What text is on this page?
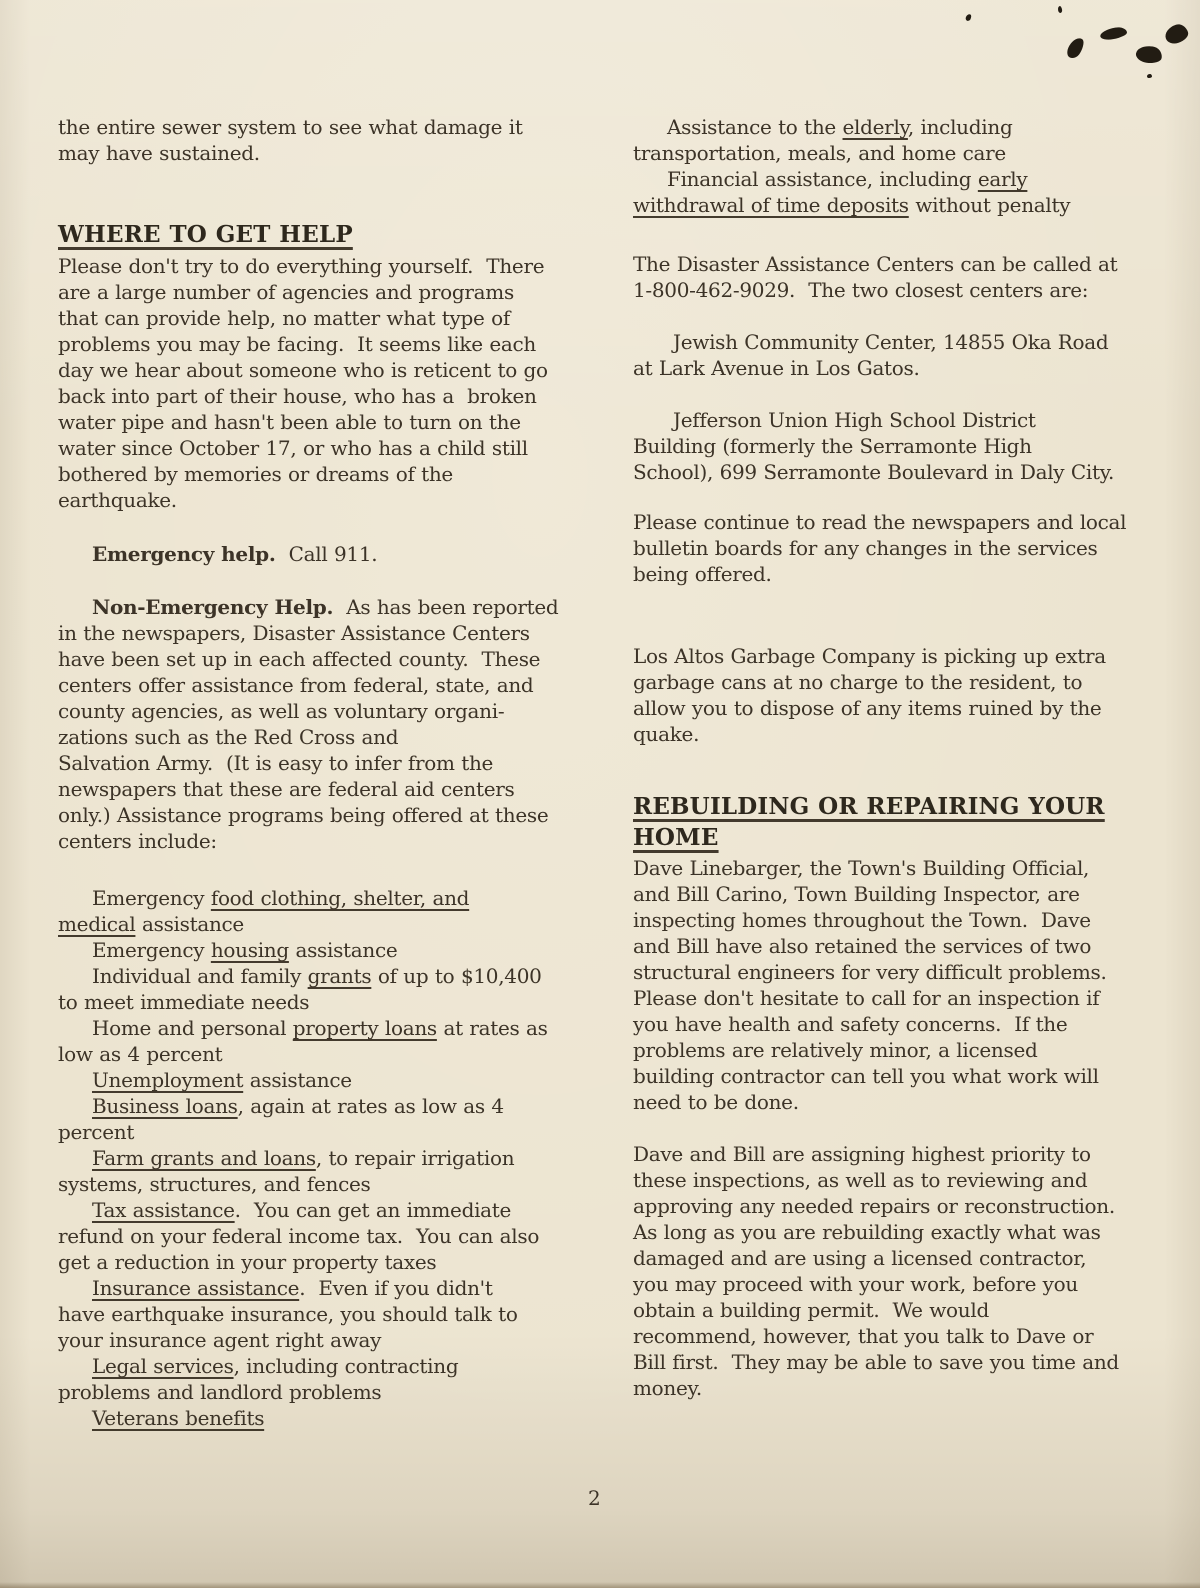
the entire sewer system to see what damage it
may have sustained.
WHERE TO GET HELP
Please don't try to do everything yourself.  There
are a large number of agencies and programs
that can provide help, no matter what type of
problems you may be facing.  It seems like each
day we hear about someone who is reticent to go
back into part of their house, who has a  broken
water pipe and hasn't been able to turn on the
water since October 17, or who has a child still
bothered by memories or dreams of the
earthquake.
Emergency help.  Call 911.
Non-Emergency Help.  As has been reported
in the newspapers, Disaster Assistance Centers
have been set up in each affected county.  These
centers offer assistance from federal, state, and
county agencies, as well as voluntary organi-
zations such as the Red Cross and
Salvation Army.  (It is easy to infer from the
newspapers that these are federal aid centers
only.) Assistance programs being offered at these
centers include:
Emergency food clothing, shelter, and
medical assistance
Emergency housing assistance
Individual and family grants of up to $10,400
to meet immediate needs
Home and personal property loans at rates as
low as 4 percent
Unemployment assistance
Business loans, again at rates as low as 4
percent
Farm grants and loans, to repair irrigation
systems, structures, and fences
Tax assistance.  You can get an immediate
refund on your federal income tax.  You can also
get a reduction in your property taxes
Insurance assistance.  Even if you didn't
have earthquake insurance, you should talk to
your insurance agent right away
Legal services, including contracting
problems and landlord problems
Veterans benefits
Assistance to the elderly, including
transportation, meals, and home care
Financial assistance, including early
withdrawal of time deposits without penalty
The Disaster Assistance Centers can be called at
1-800-462-9029.  The two closest centers are:
Jewish Community Center, 14855 Oka Road
at Lark Avenue in Los Gatos.
Jefferson Union High School District
Building (formerly the Serramonte High
School), 699 Serramonte Boulevard in Daly City.
Please continue to read the newspapers and local
bulletin boards for any changes in the services
being offered.
Los Altos Garbage Company is picking up extra
garbage cans at no charge to the resident, to
allow you to dispose of any items ruined by the
quake.
REBUILDING OR REPAIRING YOUR
HOME
Dave Linebarger, the Town's Building Official,
and Bill Carino, Town Building Inspector, are
inspecting homes throughout the Town.  Dave
and Bill have also retained the services of two
structural engineers for very difficult problems.
Please don't hesitate to call for an inspection if
you have health and safety concerns.  If the
problems are relatively minor, a licensed
building contractor can tell you what work will
need to be done.
Dave and Bill are assigning highest priority to
these inspections, as well as to reviewing and
approving any needed repairs or reconstruction.
As long as you are rebuilding exactly what was
damaged and are using a licensed contractor,
you may proceed with your work, before you
obtain a building permit.  We would
recommend, however, that you talk to Dave or
Bill first.  They may be able to save you time and
money.
2
